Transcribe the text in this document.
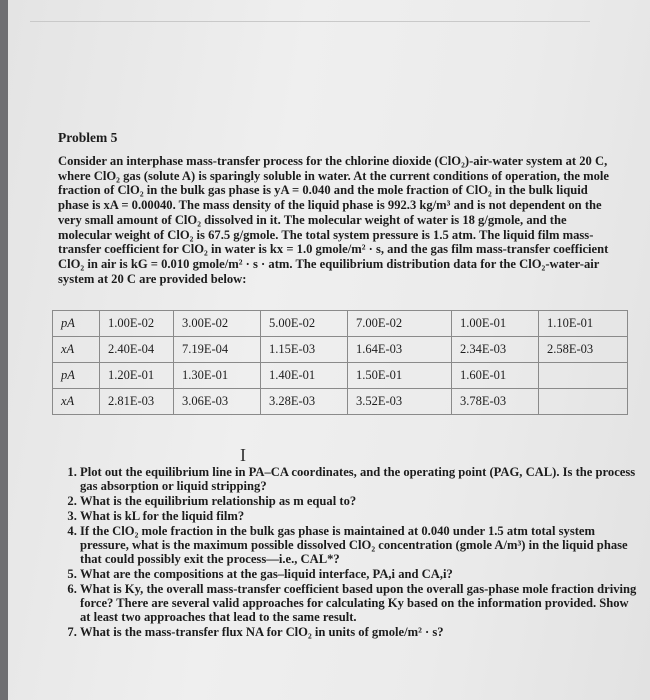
Problem 5

Consider an interphase mass-transfer process for the chlorine dioxide (ClO₂)-air-water system at 20 C, where ClO₂ gas (solute A) is sparingly soluble in water. At the current conditions of operation, the mole fraction of ClO₂ in the bulk gas phase is yA = 0.040 and the mole fraction of ClO₂ in the bulk liquid phase is xA = 0.00040. The mass density of the liquid phase is 992.3 kg/m³ and is not dependent on the very small amount of ClO₂ dissolved in it. The molecular weight of water is 18 g/gmole, and the molecular weight of ClO₂ is 67.5 g/gmole. The total system pressure is 1.5 atm. The liquid film mass-transfer coefficient for ClO₂ in water is kx = 1.0 gmole/m² · s, and the gas film mass-transfer coefficient ClO₂ in air is kG = 0.010 gmole/m² · s · atm. The equilibrium distribution data for the ClO₂-water-air system at 20 C are provided below:

pA	1.00E-02	3.00E-02	5.00E-02	7.00E-02	1.00E-01	1.10E-01
xA	2.40E-04	7.19E-04	1.15E-03	1.64E-03	2.34E-03	2.58E-03
pA	1.20E-01	1.30E-01	1.40E-01	1.50E-01	1.60E-01	
xA	2.81E-03	3.06E-03	3.28E-03	3.52E-03	3.78E-03	
I
1. Plot out the equilibrium line in PA–CA coordinates, and the operating point (PAG, CAL). Is the process gas absorption or liquid stripping?
2. What is the equilibrium relationship as m equal to?
3. What is kL for the liquid film?
4. If the ClO₂ mole fraction in the bulk gas phase is maintained at 0.040 under 1.5 atm total system pressure, what is the maximum possible dissolved ClO₂ concentration (gmole A/m³) in the liquid phase that could possibly exit the process—i.e., CAL*?
5. What are the compositions at the gas–liquid interface, PA,i and CA,i?
6. What is Ky, the overall mass-transfer coefficient based upon the overall gas-phase mole fraction driving force? There are several valid approaches for calculating Ky based on the information provided. Show at least two approaches that lead to the same result.
7. What is the mass-transfer flux NA for ClO₂ in units of gmole/m² · s?
